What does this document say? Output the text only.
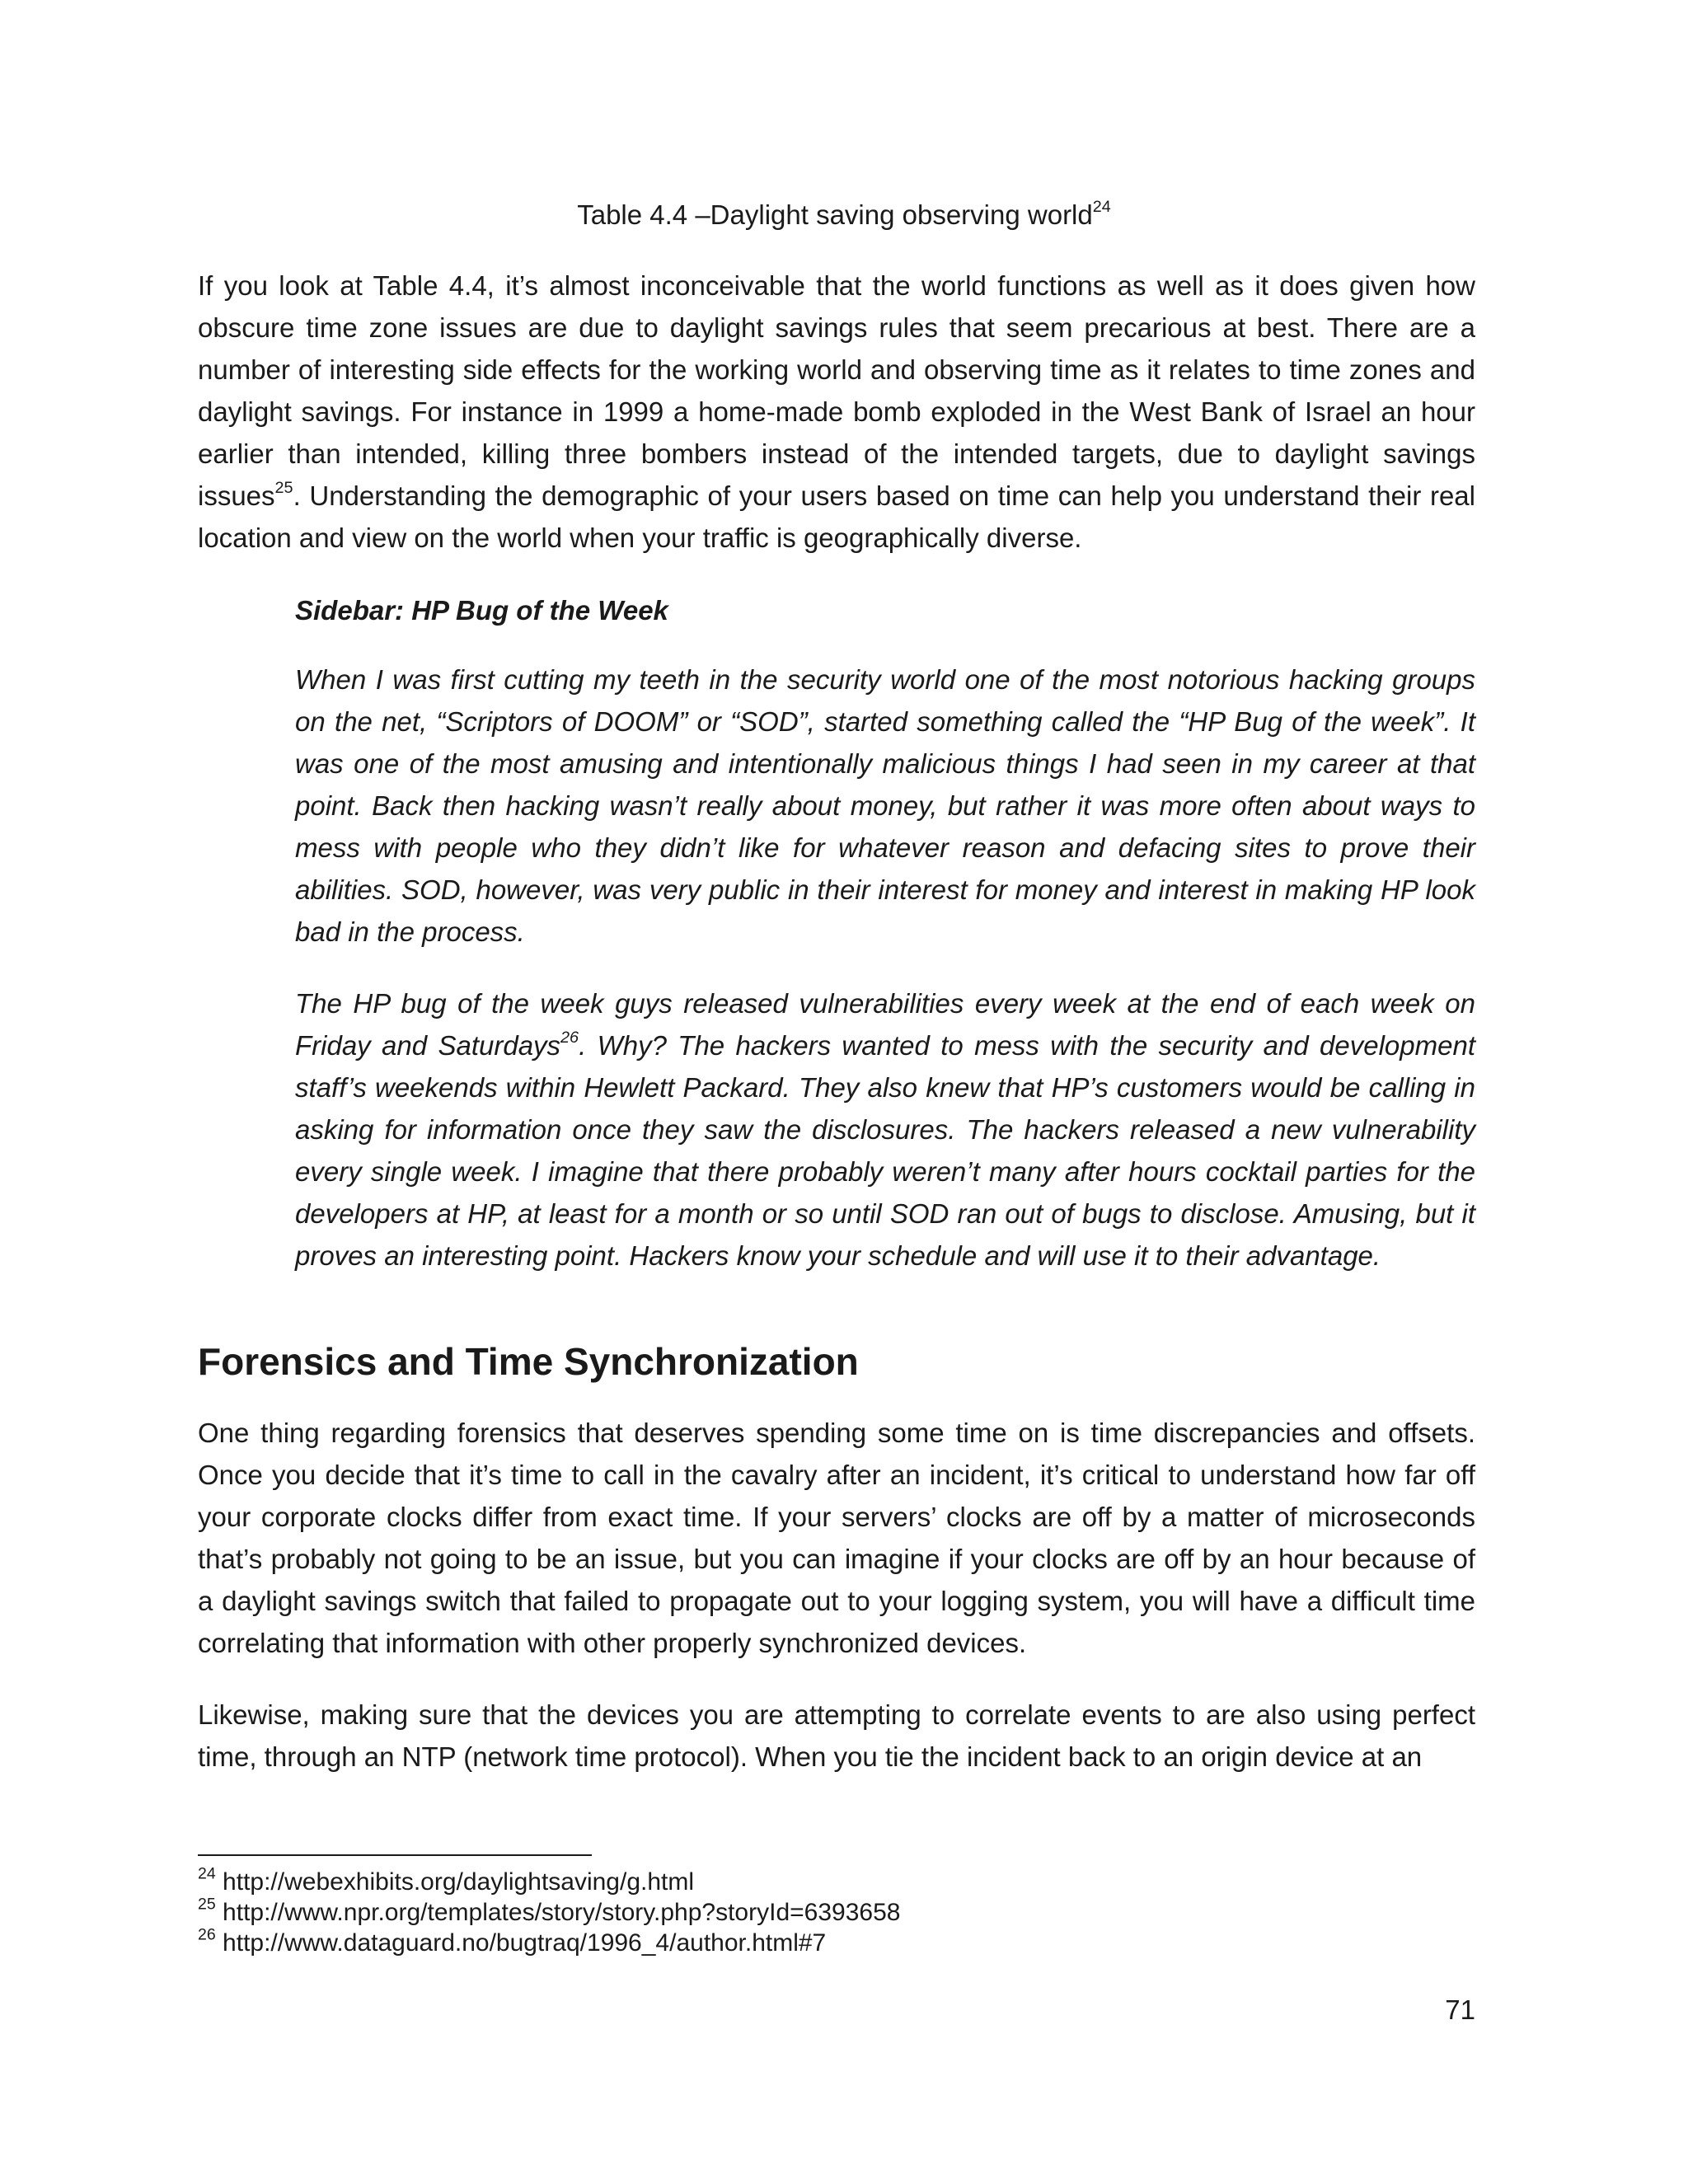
Table 4.4 –Daylight saving observing world$^{24}$

If you look at Table 4.4, it’s almost inconceivable that the world functions as well as it does given how obscure time zone issues are due to daylight savings rules that seem precarious at best. There are a number of interesting side effects for the working world and observing time as it relates to time zones and daylight savings. For instance in 1999 a home-made bomb exploded in the West Bank of Israel an hour earlier than intended, killing three bombers instead of the intended targets, due to daylight savings issues$^{25}$. Understanding the demographic of your users based on time can help you understand their real location and view on the world when your traffic is geographically diverse.

Sidebar: HP Bug of the Week

When I was first cutting my teeth in the security world one of the most notorious hacking groups on the net, “Scriptors of DOOM” or “SOD”, started something called the “HP Bug of the week”. It was one of the most amusing and intentionally malicious things I had seen in my career at that point. Back then hacking wasn’t really about money, but rather it was more often about ways to mess with people who they didn’t like for whatever reason and defacing sites to prove their abilities. SOD, however, was very public in their interest for money and interest in making HP look bad in the process.

The HP bug of the week guys released vulnerabilities every week at the end of each week on Friday and Saturdays$^{26}$. Why? The hackers wanted to mess with the security and development staff’s weekends within Hewlett Packard. They also knew that HP’s customers would be calling in asking for information once they saw the disclosures. The hackers released a new vulnerability every single week. I imagine that there probably weren’t many after hours cocktail parties for the developers at HP, at least for a month or so until SOD ran out of bugs to disclose. Amusing, but it proves an interesting point. Hackers know your schedule and will use it to their advantage.

Forensics and Time Synchronization

One thing regarding forensics that deserves spending some time on is time discrepancies and offsets. Once you decide that it’s time to call in the cavalry after an incident, it’s critical to understand how far off your corporate clocks differ from exact time. If your servers’ clocks are off by a matter of microseconds that’s probably not going to be an issue, but you can imagine if your clocks are off by an hour because of a daylight savings switch that failed to propagate out to your logging system, you will have a difficult time correlating that information with other properly synchronized devices.

Likewise, making sure that the devices you are attempting to correlate events to are also using perfect time, through an NTP (network time protocol). When you tie the incident back to an origin device at an

$^{24}$ http://webexhibits.org/daylightsaving/g.html

$^{25}$ http://www.npr.org/templates/story/story.php?storyId=6393658

$^{26}$ http://www.dataguard.no/bugtraq/1996_4/author.html#7

71
